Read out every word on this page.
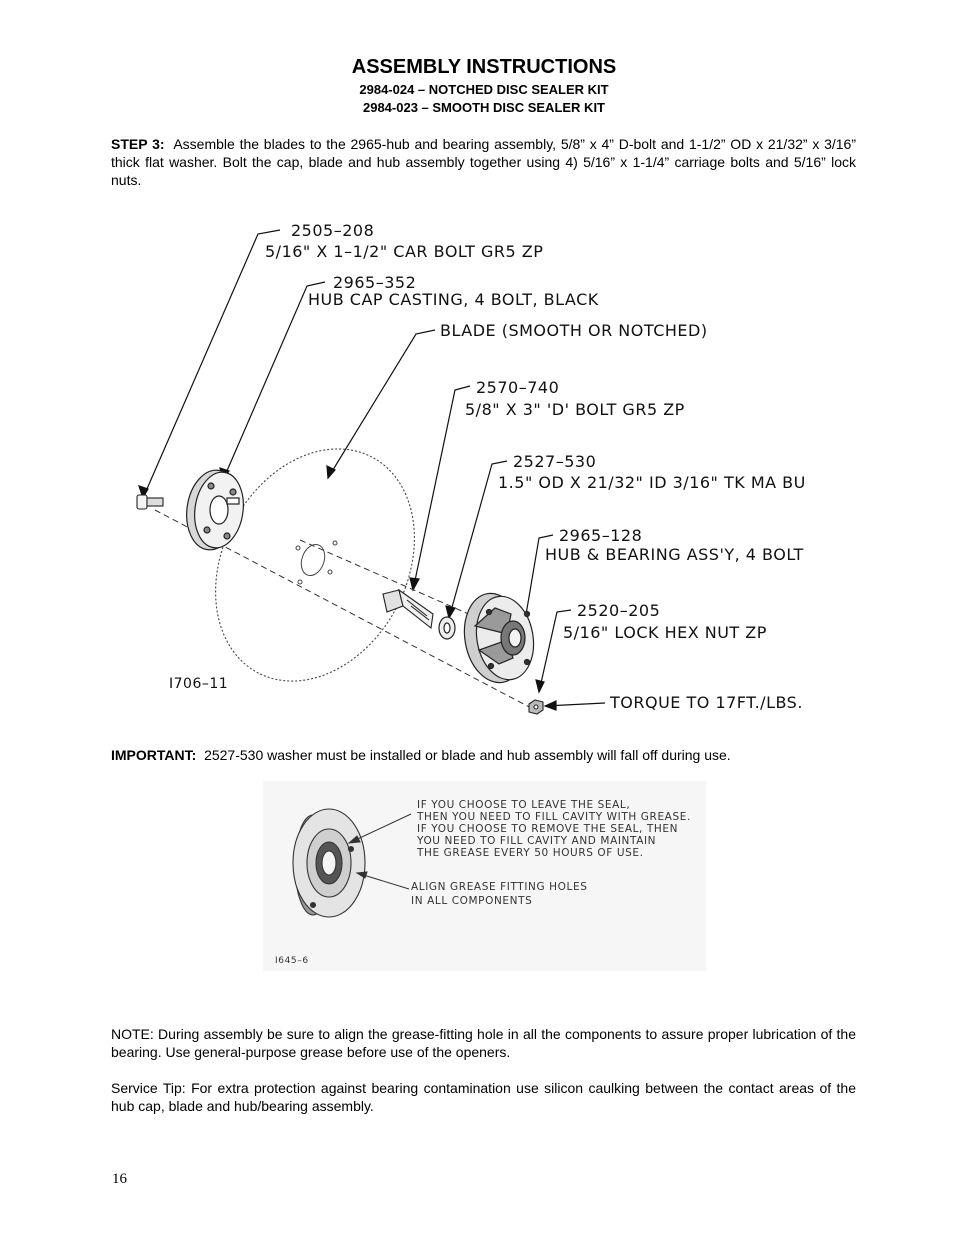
ASSEMBLY INSTRUCTIONS
2984-024 – NOTCHED DISC SEALER KIT
2984-023 – SMOOTH DISC SEALER KIT
STEP 3: Assemble the blades to the 2965-hub and bearing assembly, 5/8” x 4” D-bolt and 1-1/2” OD x 21/32” x 3/16” thick flat washer. Bolt the cap, blade and hub assembly together using 4) 5/16” x 1-1/4” carriage bolts and 5/16” lock nuts.
2505–208
5/16" X 1–1/2" CAR BOLT GR5 ZP
2965–352
HUB CAP CASTING, 4 BOLT, BLACK
BLADE (SMOOTH OR NOTCHED)
2570–740
5/8" X 3" 'D' BOLT GR5 ZP
2527–530
1.5" OD X 21/32" ID 3/16" TK MA BU
2965–128
HUB & BEARING ASS'Y, 4 BOLT
2520–205
5/16" LOCK HEX NUT ZP
TORQUE TO 17FT./LBS.
I706–11
IMPORTANT: 2527-530 washer must be installed or blade and hub assembly will fall off during use.
IF YOU CHOOSE TO LEAVE THE SEAL,
THEN YOU NEED TO FILL CAVITY WITH GREASE.
IF YOU CHOOSE TO REMOVE THE SEAL, THEN
YOU NEED TO FILL CAVITY AND MAINTAIN
THE GREASE EVERY 50 HOURS OF USE.
ALIGN GREASE FITTING HOLES
IN ALL COMPONENTS
I645–6
NOTE: During assembly be sure to align the grease-fitting hole in all the components to assure proper lubrication of the bearing. Use general-purpose grease before use of the openers.
Service Tip: For extra protection against bearing contamination use silicon caulking between the contact areas of the hub cap, blade and hub/bearing assembly.
16
